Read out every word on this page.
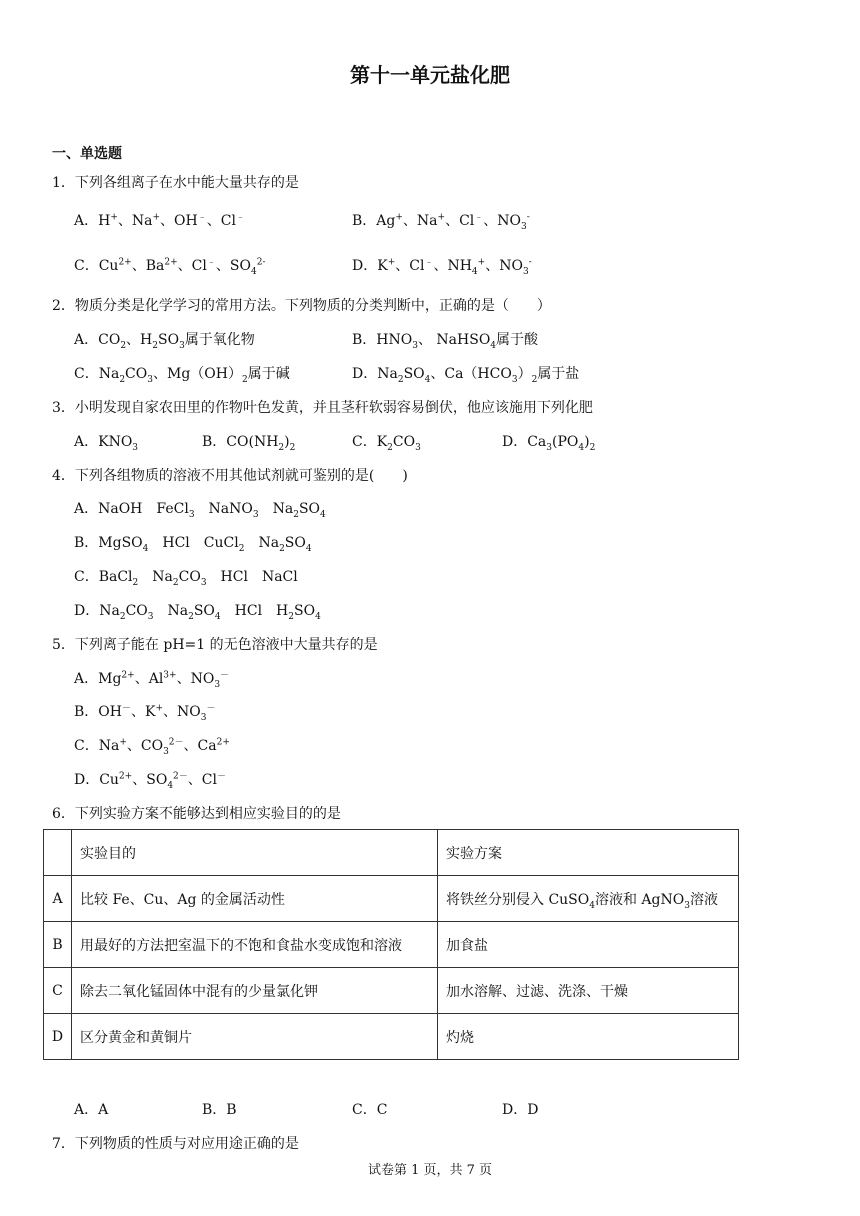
第十一单元盐化肥
一、单选题
1．下列各组离子在水中能大量共存的是
A．H+、Na+、OH﹣、Cl﹣	B．Ag+、Na+、Cl﹣、$NO_3^-$
C．$Cu^{2+}$、$Ba^{2+}$、Cl﹣、$SO_4^{2-}$	D．K+、Cl﹣、$NH_4^+$、$NO_3^-$
2．物质分类是化学学习的常用方法。下列物质的分类判断中，正确的是（　　）
A．$CO_2$、$H_2SO_3$属于氧化物	B．$HNO_3$、 NaHSO$_4$属于酸
C．$Na_2CO_3$、$Mg(OH)_2$属于碱	D．$Na_2SO_4$、$Ca(HCO_3)_2$属于盐
3．小明发现自家农田里的作物叶色发黄，并且茎秆软弱容易倒伏，他应该施用下列化肥
A．$KNO_3$	B．$CO(NH_2)_2$	C．$K_2CO_3$	D．$Ca_3(PO_4)_2$
4．下列各组物质的溶液不用其他试剂就可鉴别的是(　　)
A．NaOH　FeCl$_3$　NaNO$_3$　$Na_2SO_4$
B．MgSO$_4$　HCl　CuCl$_2$　$Na_2SO_4$
C．BaCl$_2$　$Na_2CO_3$　HCl　NaCl
D．$Na_2CO_3$　$Na_2SO_4$　HCl　$H_2SO_4$
5．下列离子能在 pH=1 的无色溶液中大量共存的是
A．$Mg^{2+}$、$Al^{3+}$、$NO_3^-$
B．OH－、K+、$NO_3^-$
C．Na+、$CO_3^{2-}$、$Ca^{2+}$
D．$Cu^{2+}$、$SO_4^{2-}$、Cl－
6．下列实验方案不能够达到相应实验目的的是
	实验目的	实验方案
A	比较 Fe、Cu、Ag 的金属活动性	将铁丝分别侵入 CuSO$_4$溶液和 AgNO$_3$溶液
B	用最好的方法把室温下的不饱和食盐水变成饱和溶液	加食盐
C	除去二氧化锰固体中混有的少量氯化钾	加水溶解、过滤、洗涤、干燥
D	区分黄金和黄铜片	灼烧
A．A	B．B	C．C	D．D
7．下列物质的性质与对应用途正确的是
试卷第 1 页，共 7 页
